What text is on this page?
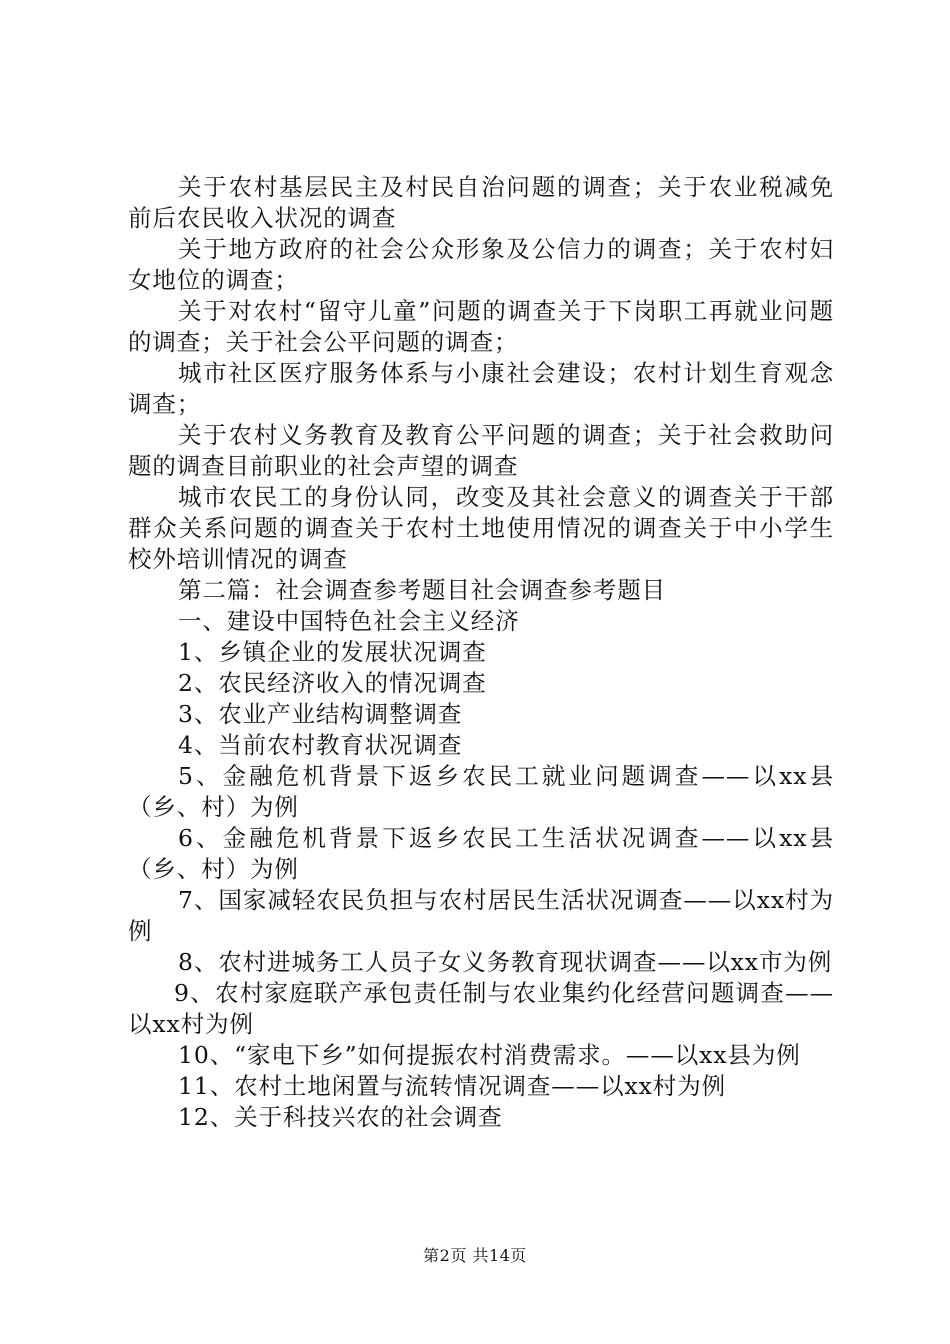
关于农村基层民主及村民自治问题的调查；关于农业税减免前后农民收入状况的调查

关于地方政府的社会公众形象及公信力的调查；关于农村妇女地位的调查；

关于对农村“留守儿童”问题的调查关于下岗职工再就业问题的调查；关于社会公平问题的调查；

城市社区医疗服务体系与小康社会建设；农村计划生育观念调查；

关于农村义务教育及教育公平问题的调查；关于社会救助问题的调查目前职业的社会声望的调查

城市农民工的身份认同，改变及其社会意义的调查关于干部群众关系问题的调查关于农村土地使用情况的调查关于中小学生校外培训情况的调查

第二篇：社会调查参考题目社会调查参考题目

一、建设中国特色社会主义经济

1、乡镇企业的发展状况调查

2、农民经济收入的情况调查

3、农业产业结构调整调查

4、当前农村教育状况调查

5、金融危机背景下返乡农民工就业问题调查——以xx县（乡、村）为例

6、金融危机背景下返乡农民工生活状况调查——以xx县（乡、村）为例

7、国家减轻农民负担与农村居民生活状况调查——以xx村为例

8、农村进城务工人员子女义务教育现状调查——以xx市为例

9、农村家庭联产承包责任制与农业集约化经营问题调查——以xx村为例

10、“家电下乡”如何提振农村消费需求。——以xx县为例

11、农村土地闲置与流转情况调查——以xx村为例

12、关于科技兴农的社会调查

第2页 共14页
